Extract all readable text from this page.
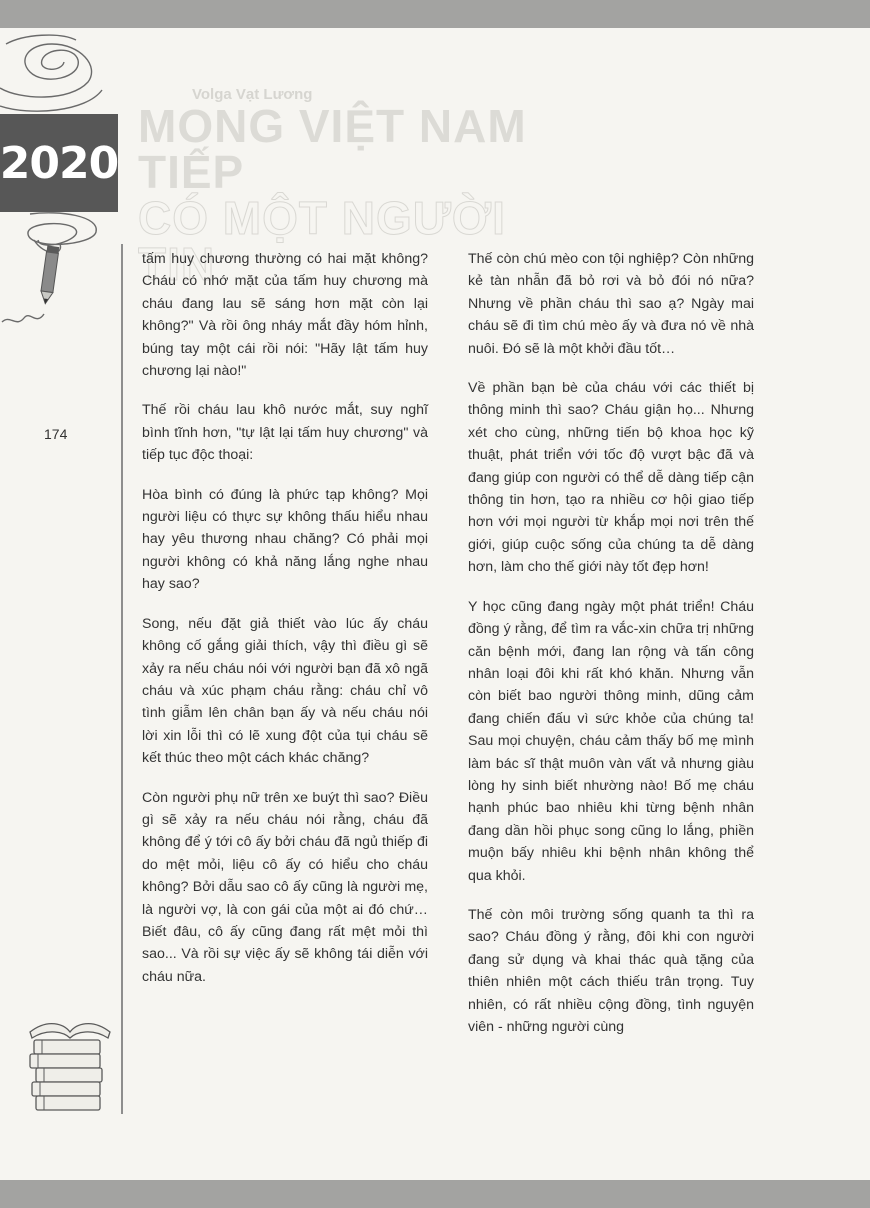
Volga Vạt Lương
MONG VIỆT NAM TIẾP
CÓ MỘT NGƯỜI TIN
2020
174

tấm huy chương thường có hai mặt không? Cháu có nhớ mặt của tấm huy chương mà cháu đang lau sẽ sáng hơn mặt còn lại không?" Và rồi ông nháy mắt đầy hóm hỉnh, búng tay một cái rồi nói: "Hãy lật tấm huy chương lại nào!"

Thế rồi cháu lau khô nước mắt, suy nghĩ bình tĩnh hơn, "tự lật lại tấm huy chương" và tiếp tục độc thoại:

Hòa bình có đúng là phức tạp không? Mọi người liệu có thực sự không thấu hiểu nhau hay yêu thương nhau chăng? Có phải mọi người không có khả năng lắng nghe nhau hay sao?

Song, nếu đặt giả thiết vào lúc ấy cháu không cố gắng giải thích, vậy thì điều gì sẽ xảy ra nếu cháu nói với người bạn đã xô ngã cháu và xúc phạm cháu rằng: cháu chỉ vô tình giẫm lên chân bạn ấy và nếu cháu nói lời xin lỗi thì có lẽ xung đột của tụi cháu sẽ kết thúc theo một cách khác chăng?

Còn người phụ nữ trên xe buýt thì sao? Điều gì sẽ xảy ra nếu cháu nói rằng, cháu đã không để ý tới cô ấy bởi cháu đã ngủ thiếp đi do mệt mỏi, liệu cô ấy có hiểu cho cháu không? Bởi dẫu sao cô ấy cũng là người mẹ, là người vợ, là con gái của một ai đó chứ… Biết đâu, cô ấy cũng đang rất mệt mỏi thì sao... Và rồi sự việc ấy sẽ không tái diễn với cháu nữa.

Thế còn chú mèo con tội nghiệp? Còn những kẻ tàn nhẫn đã bỏ rơi và bỏ đói nó nữa? Nhưng về phần cháu thì sao ạ? Ngày mai cháu sẽ đi tìm chú mèo ấy và đưa nó về nhà nuôi. Đó sẽ là một khởi đầu tốt…

Về phần bạn bè của cháu với các thiết bị thông minh thì sao? Cháu giận họ... Nhưng xét cho cùng, những tiến bộ khoa học kỹ thuật, phát triển với tốc độ vượt bậc đã và đang giúp con người có thể dễ dàng tiếp cận thông tin hơn, tạo ra nhiều cơ hội giao tiếp hơn với mọi người từ khắp mọi nơi trên thế giới, giúp cuộc sống của chúng ta dễ dàng hơn, làm cho thế giới này tốt đẹp hơn!

Y học cũng đang ngày một phát triển! Cháu đồng ý rằng, để tìm ra vắc-xin chữa trị những căn bệnh mới, đang lan rộng và tấn công nhân loại đôi khi rất khó khăn. Nhưng vẫn còn biết bao người thông minh, dũng cảm đang chiến đấu vì sức khỏe của chúng ta! Sau mọi chuyện, cháu cảm thấy bố mẹ mình làm bác sĩ thật muôn vàn vất vả nhưng giàu lòng hy sinh biết nhường nào! Bố mẹ cháu hạnh phúc bao nhiêu khi từng bệnh nhân đang dần hồi phục song cũng lo lắng, phiền muộn bấy nhiêu khi bệnh nhân không thể qua khỏi.

Thế còn môi trường sống quanh ta thì ra sao? Cháu đồng ý rằng, đôi khi con người đang sử dụng và khai thác quà tặng của thiên nhiên một cách thiếu trân trọng. Tuy nhiên, có rất nhiều cộng đồng, tình nguyện viên - những người cùng
